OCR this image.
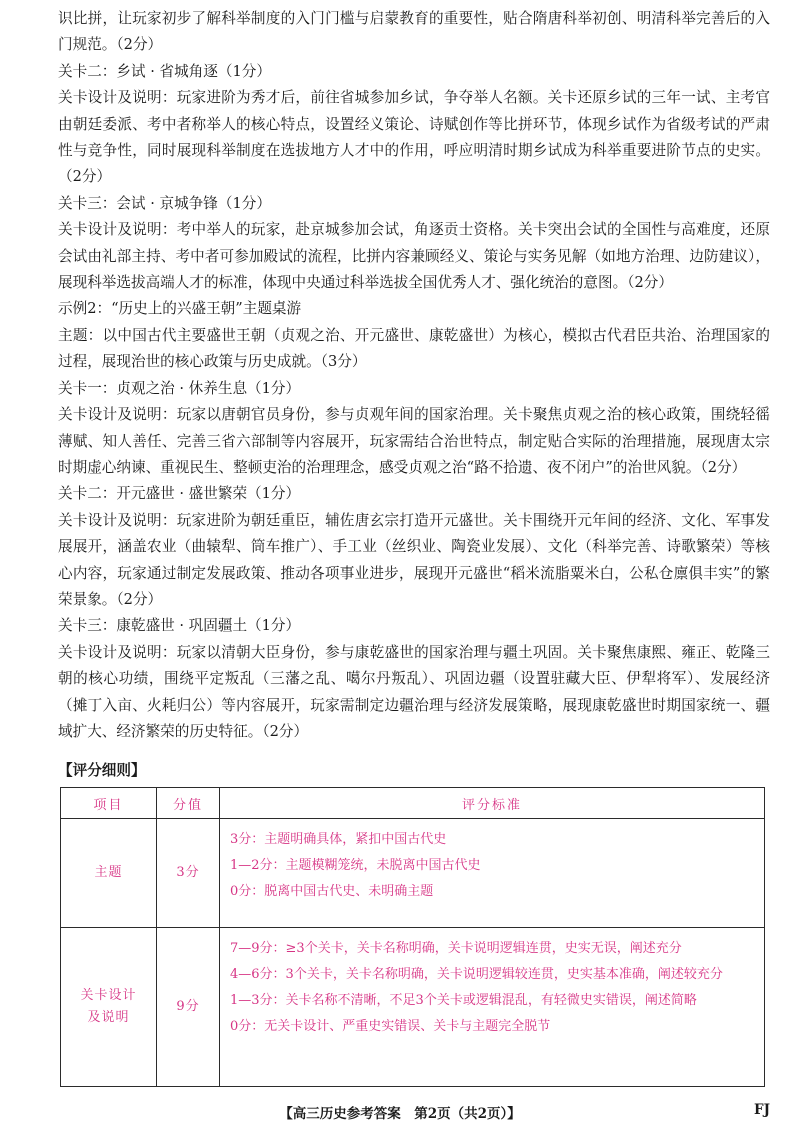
识比拼，让玩家初步了解科举制度的入门门槛与启蒙教育的重要性，贴合隋唐科举初创、明清科举完善后的入门规范。（2分）

关卡二：乡试 · 省城角逐（1分）

关卡设计及说明：玩家进阶为秀才后，前往省城参加乡试，争夺举人名额。关卡还原乡试的三年一试、主考官由朝廷委派、考中者称举人的核心特点，设置经义策论、诗赋创作等比拼环节，体现乡试作为省级考试的严肃性与竞争性，同时展现科举制度在选拔地方人才中的作用，呼应明清时期乡试成为科举重要进阶节点的史实。（2分）

关卡三：会试 · 京城争锋（1分）

关卡设计及说明：考中举人的玩家，赴京城参加会试，角逐贡士资格。关卡突出会试的全国性与高难度，还原会试由礼部主持、考中者可参加殿试的流程，比拼内容兼顾经义、策论与实务见解（如地方治理、边防建议），展现科举选拔高端人才的标准，体现中央通过科举选拔全国优秀人才、强化统治的意图。（2分）

示例2：“历史上的兴盛王朝”主题桌游

主题：以中国古代主要盛世王朝（贞观之治、开元盛世、康乾盛世）为核心，模拟古代君臣共治、治理国家的过程，展现治世的核心政策与历史成就。（3分）

关卡一：贞观之治 · 休养生息（1分）

关卡设计及说明：玩家以唐朝官员身份，参与贞观年间的国家治理。关卡聚焦贞观之治的核心政策，围绕轻徭薄赋、知人善任、完善三省六部制等内容展开，玩家需结合治世特点，制定贴合实际的治理措施，展现唐太宗时期虚心纳谏、重视民生、整顿吏治的治理理念，感受贞观之治“路不拾遗、夜不闭户”的治世风貌。（2分）

关卡二：开元盛世 · 盛世繁荣（1分）

关卡设计及说明：玩家进阶为朝廷重臣，辅佐唐玄宗打造开元盛世。关卡围绕开元年间的经济、文化、军事发展展开，涵盖农业（曲辕犁、筒车推广）、手工业（丝织业、陶瓷业发展）、文化（科举完善、诗歌繁荣）等核心内容，玩家通过制定发展政策、推动各项事业进步，展现开元盛世“稻米流脂粟米白，公私仓廪俱丰实”的繁荣景象。（2分）

关卡三：康乾盛世 · 巩固疆土（1分）

关卡设计及说明：玩家以清朝大臣身份，参与康乾盛世的国家治理与疆土巩固。关卡聚焦康熙、雍正、乾隆三朝的核心功绩，围绕平定叛乱（三藩之乱、噶尔丹叛乱）、巩固边疆（设置驻藏大臣、伊犁将军）、发展经济（摊丁入亩、火耗归公）等内容展开，玩家需制定边疆治理与经济发展策略，展现康乾盛世时期国家统一、疆域扩大、经济繁荣的历史特征。（2分）

【评分细则】
项目	分值	评分标准
主题	3分	3分：主题明确具体，紧扣中国古代史

1—2分：主题模糊笼统，未脱离中国古代史

0分：脱离中国古代史、未明确主题

关卡设计及说明	9分	7—9分：≥3个关卡，关卡名称明确，关卡说明逻辑连贯，史实无误，阐述充分

4—6分：3个关卡，关卡名称明确，关卡说明逻辑较连贯，史实基本准确，阐述较充分

1—3分：关卡名称不清晰，不足3个关卡或逻辑混乱，有轻微史实错误，阐述简略

0分：无关卡设计、严重史实错误、关卡与主题完全脱节

【高三历史参考答案　第2页（共2页）】	FJ
